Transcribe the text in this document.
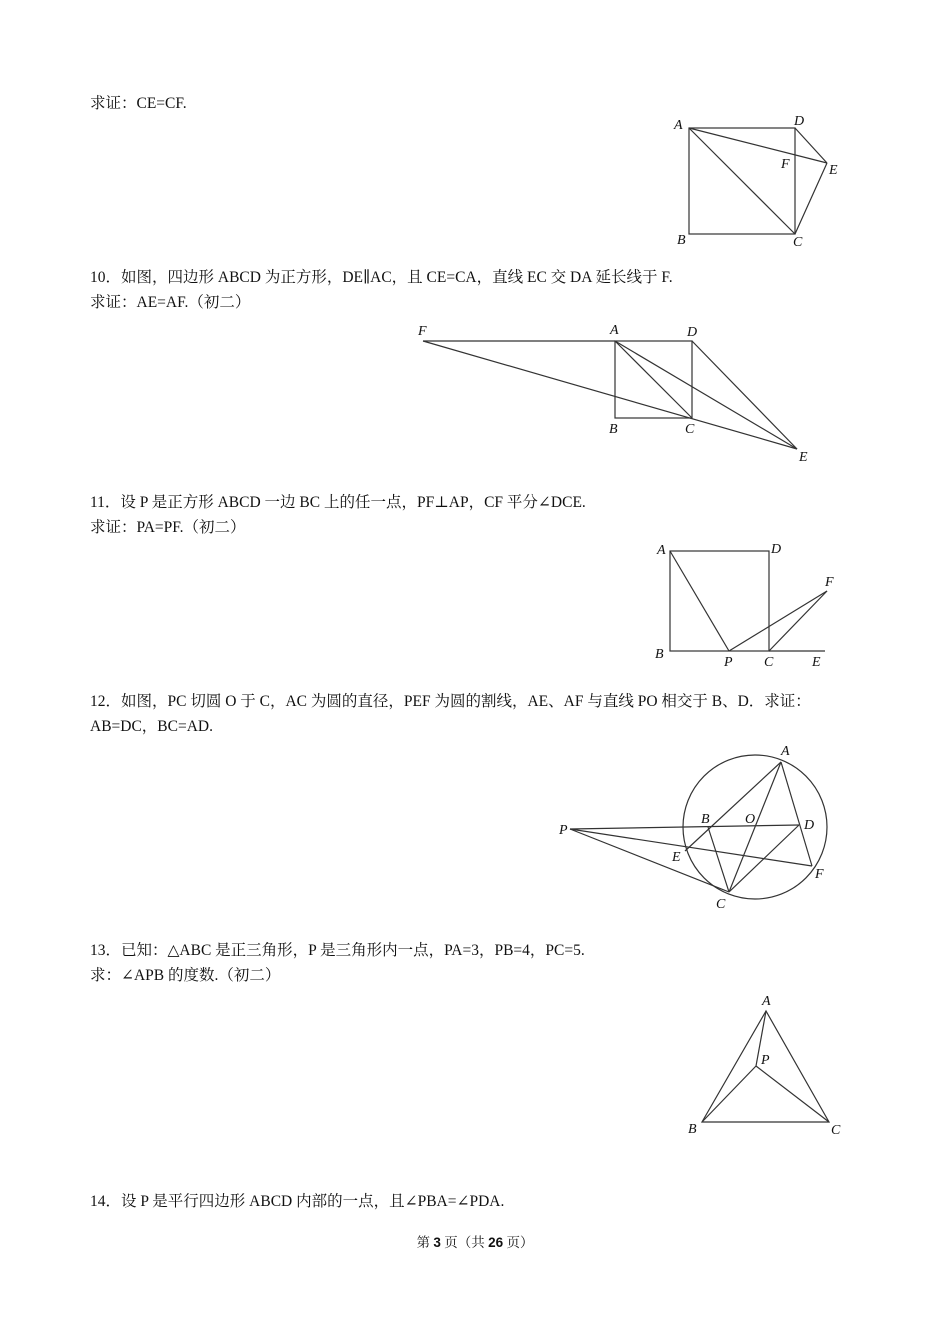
求证：CE=CF.
A
B	C
D
E
F
10．如图，四边形 ABCD 为正方形，DE∥AC，且 CE=CA，直线 EC 交 DA 延长线于 F.
求证：AE=AF.（初二）
F	A	D
B	C
E
11．设 P 是正方形 ABCD 一边 BC 上的任一点，PF⊥AP，CF 平分∠DCE.
求证：PA=PF.（初二）
A	D
B
P C	E
F
12．如图，PC 切圆 O 于 C，AC 为圆的直径，PEF 为圆的割线，AE、AF 与直线 PO 相交于 B、D．求证：
AB=DC，BC=AD.
P
A
B	O	D
E
F
C
13．已知：△ABC 是正三角形，P 是三角形内一点，PA=3，PB=4，PC=5.
求：∠APB 的度数.（初二）
A
P
B	C
14．设 P 是平行四边形 ABCD 内部的一点，且∠PBA=∠PDA.
第 3 页（共 26 页）
